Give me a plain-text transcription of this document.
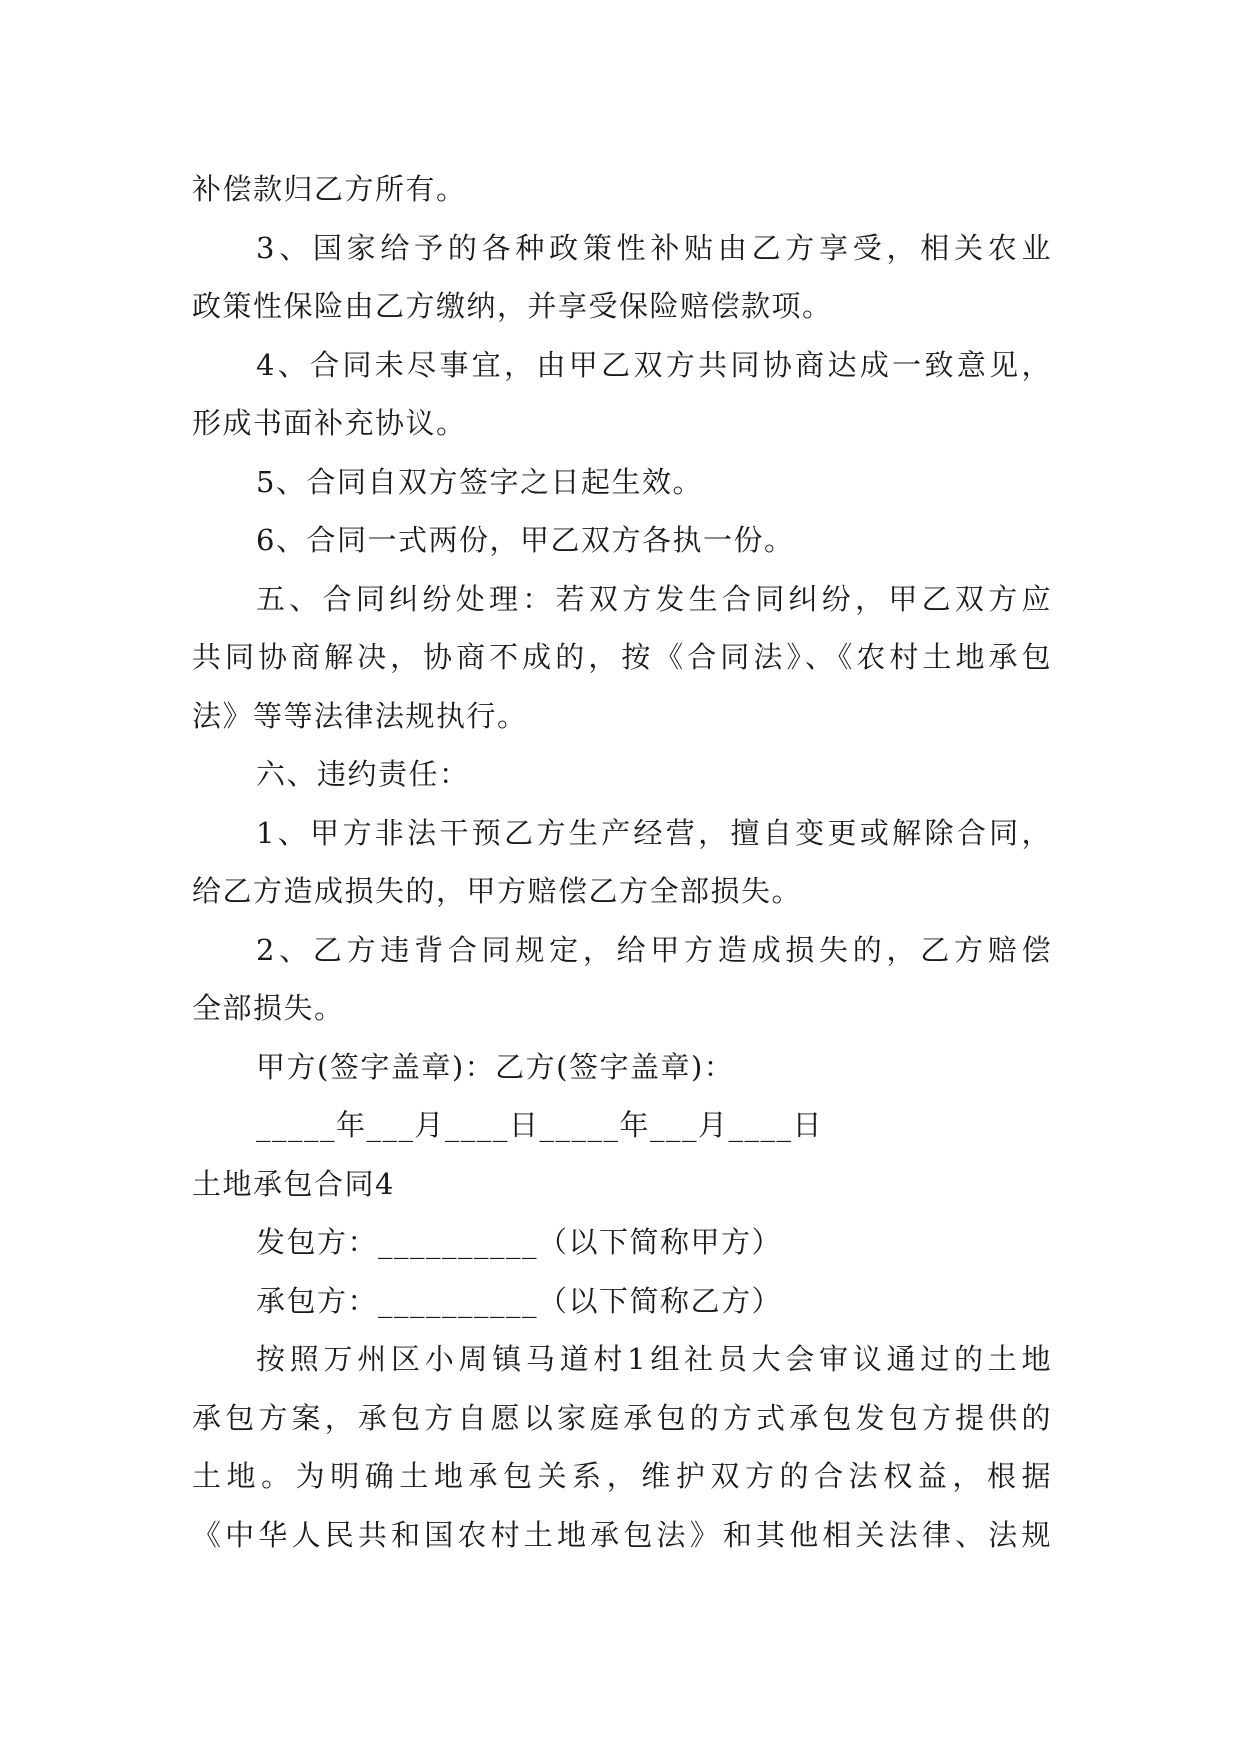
补偿款归乙方所有。

3、国家给予的各种政策性补贴由乙方享受，相关农业

政策性保险由乙方缴纳，并享受保险赔偿款项。

4、合同未尽事宜，由甲乙双方共同协商达成一致意见，

形成书面补充协议。

5、合同自双方签字之日起生效。

6、合同一式两份，甲乙双方各执一份。

五、合同纠纷处理：若双方发生合同纠纷，甲乙双方应

共同协商解决，协商不成的，按《合同法》、《农村土地承包

法》等等法律法规执行。

六、违约责任：

1、甲方非法干预乙方生产经营，擅自变更或解除合同，

给乙方造成损失的，甲方赔偿乙方全部损失。

2、乙方违背合同规定，给甲方造成损失的，乙方赔偿

全部损失。

甲方(签字盖章)：乙方(签字盖章)：

_____年___月____日_____年___月____日

土地承包合同4

发包方：__________（以下简称甲方）

承包方：__________（以下简称乙方）

按照万州区小周镇马道村1组社员大会审议通过的土地

承包方案，承包方自愿以家庭承包的方式承包发包方提供的

土地。为明确土地承包关系，维护双方的合法权益，根据

《中华人民共和国农村土地承包法》和其他相关法律、法规
